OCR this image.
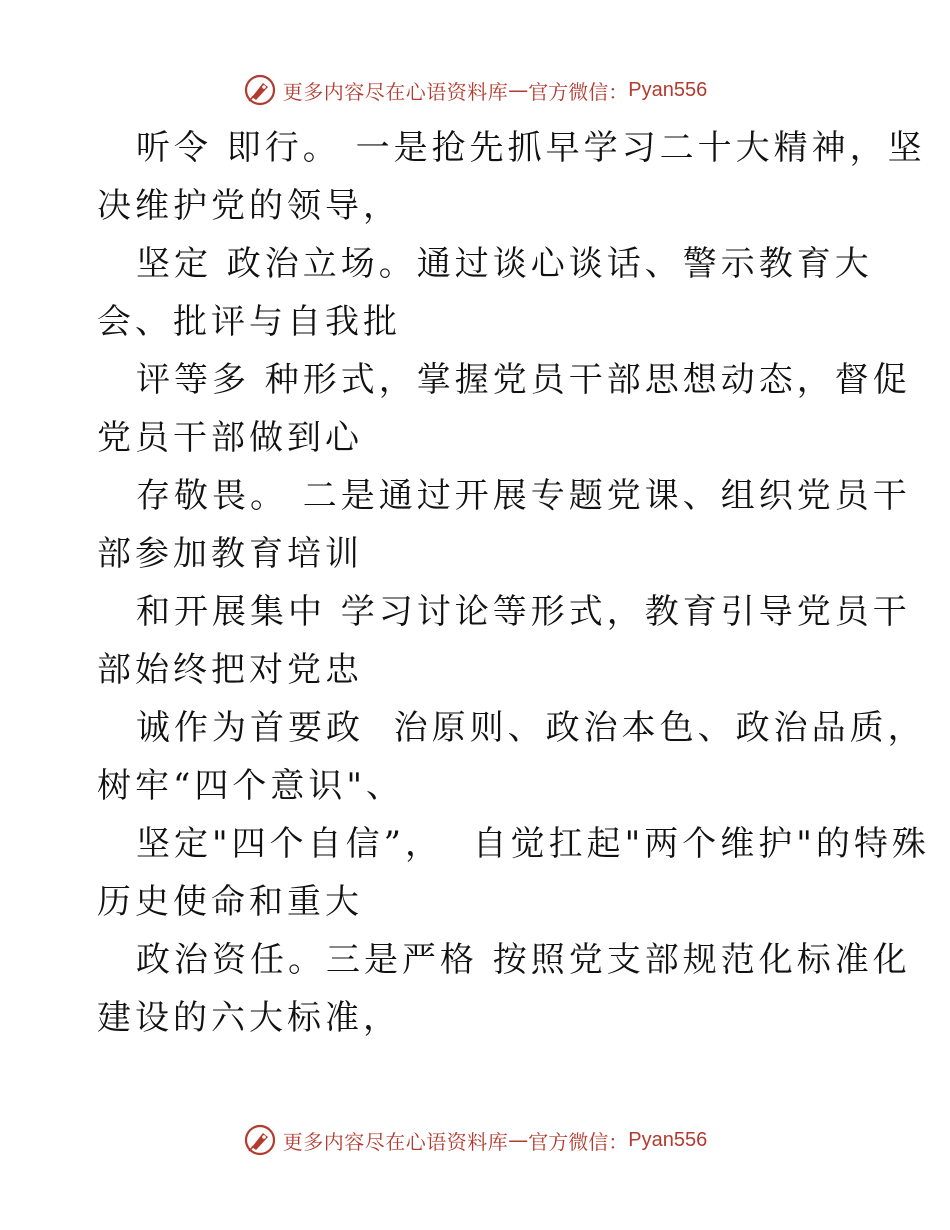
更多内容尽在心语资料库 — 官方微信： Pyan556
听令 即行。 一是抢先抓早学习二十大精神，坚
决维护党的领导，
坚定 政治立场。通过谈心谈话、警示教育大
会、批评与自我批
评等多 种形式，掌握党员干部思想动态，督促
党员干部做到心
存敬畏。 二是通过开展专题党课、组织党员干
部参加教育培训
和开展集中 学习讨论等形式，教育引导党员干
部始终把对党忠
诚作为首要政  治原则、政治本色、政治品质，
树牢“四个意识"、
坚定"四个自信”，  自觉扛起"两个维护"的特殊
历史使命和重大
政治资任。三是严格 按照党支部规范化标准化
建设的六大标准，
更多内容尽在心语资料库 — 官方微信： Pyan556
